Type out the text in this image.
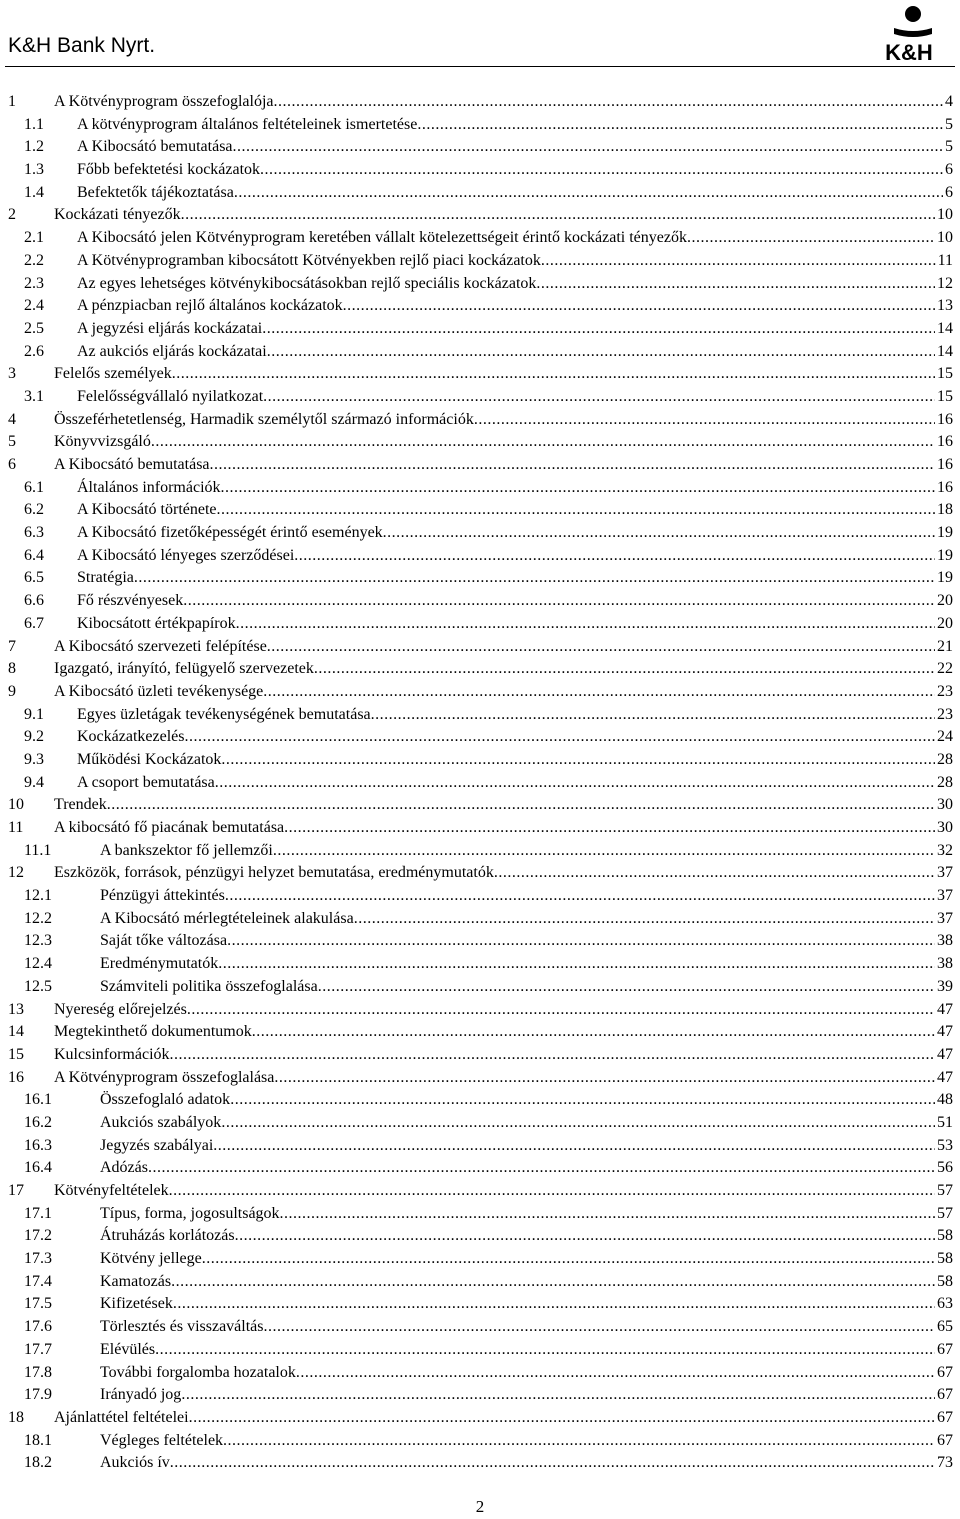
K&H Bank Nyrt.	K&H
1 A Kötvényprogram összefoglalója .....	4
1.1 A kötvényprogram általános feltételeinek ismertetése .....	5
1.2 A Kibocsátó bemutatása .....	5
1.3 Főbb befektetési kockázatok .....	6
1.4 Befektetők tájékoztatása .....	6
2 Kockázati tényezők .....	10
2.1 A Kibocsátó jelen Kötvényprogram keretében vállalt kötelezettségeit érintő kockázati tényezők .....	10
2.2 A Kötvényprogramban kibocsátott Kötvényekben rejlő piaci kockázatok .....	11
2.3 Az egyes lehetséges kötvénykibocsátásokban rejlő speciális kockázatok .....	12
2.4 A pénzpiacban rejlő általános kockázatok .....	13
2.5 A jegyzési eljárás kockázatai .....	14
2.6 Az aukciós eljárás kockázatai .....	14
3 Felelős személyek .....	15
3.1 Felelősségvállaló nyilatkozat .....	15
4 Összeférhetetlenség, Harmadik személytől származó információk .....	16
5 Könyvvizsgáló .....	16
6 A Kibocsátó bemutatása .....	16
6.1 Általános információk .....	16
6.2 A Kibocsátó története .....	18
6.3 A Kibocsátó fizetőképességét érintő események .....	19
6.4 A Kibocsátó lényeges szerződései .....	19
6.5 Stratégia .....	19
6.6 Fő részvényesek .....	20
6.7 Kibocsátott értékpapírok .....	20
7 A Kibocsátó szervezeti felépítése .....	21
8 Igazgató, irányító, felügyelő szervezetek .....	22
9 A Kibocsátó üzleti tevékenysége .....	23
9.1 Egyes üzletágak tevékenységének bemutatása .....	23
9.2 Kockázatkezelés .....	24
9.3 Működési Kockázatok .....	28
9.4 A csoport bemutatása .....	28
10 Trendek .....	30
11 A kibocsátó fő piacának bemutatása .....	30
11.1	A bankszektor fő jellemzői .....	32
12 Eszközök, források, pénzügyi helyzet bemutatása, eredménymutatók .....	37
12.1	Pénzügyi áttekintés .....	37
12.2	A Kibocsátó mérlegtételeinek alakulása .....	37
12.3	Saját tőke változása .....	38
12.4	Eredménymutatók .....	38
12.5	Számviteli politika összefoglalása .....	39
13 Nyereség előrejelzés .....	47
14 Megtekinthető dokumentumok .....	47
15 Kulcsinformációk .....	47
16 A Kötvényprogram összefoglalása .....	47
16.1	Összefoglaló adatok .....	48
16.2	Aukciós szabályok .....	51
16.3	Jegyzés szabályai .....	53
16.4	Adózás .....	56
17 Kötvényfeltételek .....	57
17.1	Típus, forma, jogosultságok .....	57
17.2	Átruházás korlátozás .....	58
17.3	Kötvény jellege .....	58
17.4	Kamatozás .....	58
17.5	Kifizetések .....	63
17.6	Törlesztés és visszaváltás .....	65
17.7	Elévülés .....	67
17.8	További forgalomba hozatalok .....	67
17.9	Irányadó jog .....	67
18 Ajánlattétel feltételei .....	67
18.1	Végleges feltételek .....	67
18.2	Aukciós ív .....	73
2
